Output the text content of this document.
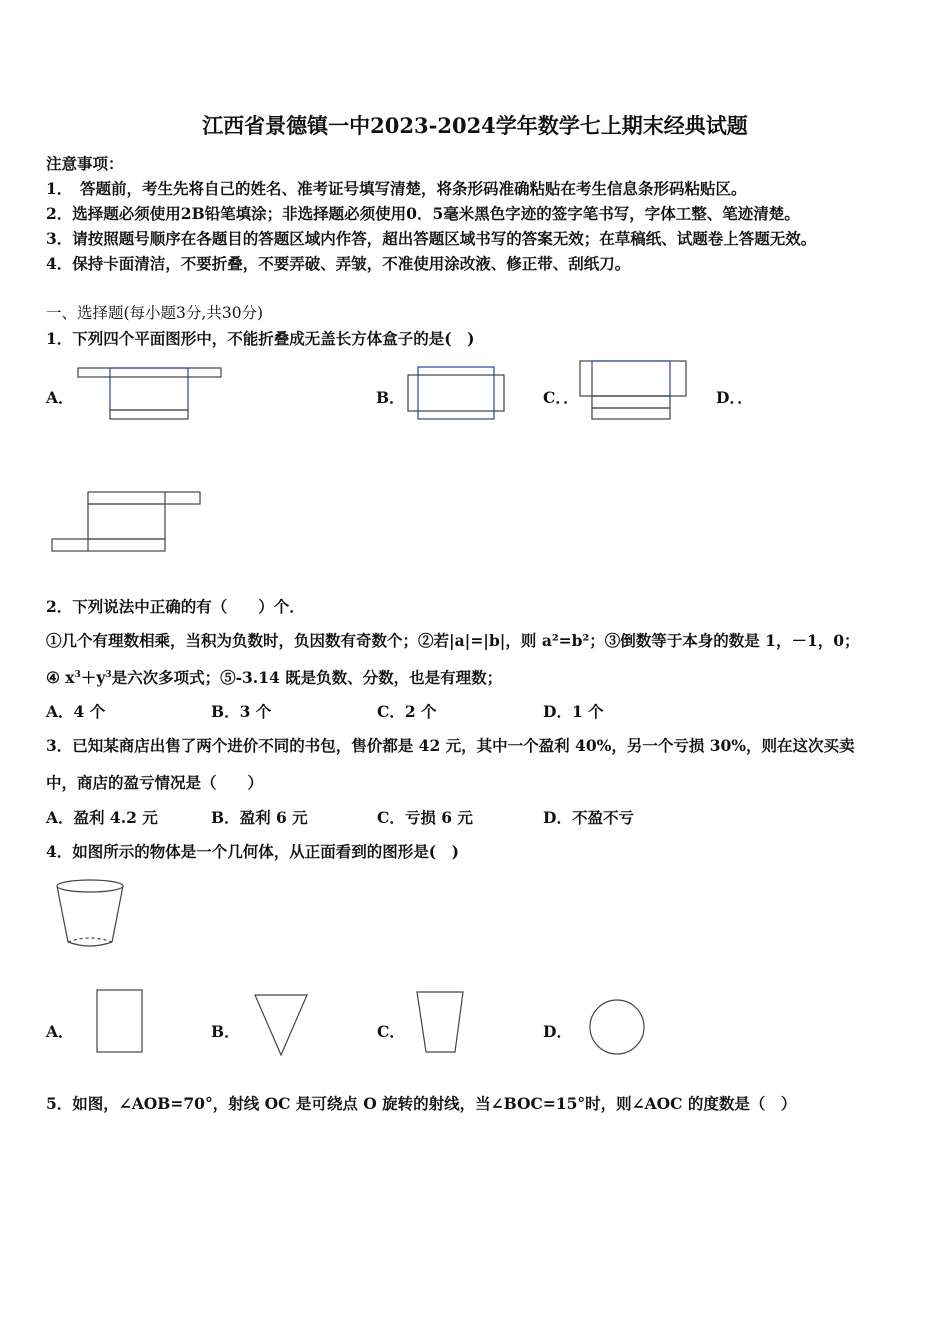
江西省景德镇一中2023-2024学年数学七上期末经典试题
注意事项：
1．　答题前，考生先将自己的姓名、准考证号填写清楚，将条形码准确粘贴在考生信息条形码粘贴区。
2．选择题必须使用2B铅笔填涂；非选择题必须使用0．5毫米黑色字迹的签字笔书写，字体工整、笔迹清楚。
3．请按照题号顺序在各题目的答题区域内作答，超出答题区域书写的答案无效；在草稿纸、试题卷上答题无效。
4．保持卡面清洁，不要折叠，不要弄破、弄皱，不准使用涂改液、修正带、刮纸刀。
一、选择题(每小题3分,共30分)
1．下列四个平面图形中，不能折叠成无盖长方体盒子的是(　)
A．	B．	C．．	D．．
2．下列说法中正确的有（　　）个．
①几个有理数相乘，当积为负数时，负因数有奇数个；②若|a|=|b|，则 a²=b²；③倒数等于本身的数是 1，－1，0；
④ $x^3+y^3$是六次多项式；⑤-3.14 既是负数、分数，也是有理数；
A．4 个	B．3 个	C．2 个	D．1 个
3．已知某商店出售了两个进价不同的书包，售价都是 42 元，其中一个盈利 40%，另一个亏损 30%，则在这次买卖
中，商店的盈亏情况是（　　）
A．盈利 4.2 元	B．盈利 6 元	C．亏损 6 元	D．不盈不亏
4．如图所示的物体是一个几何体，从正面看到的图形是(　)
A．	B．	C．	D．
5．如图，∠AOB=70°，射线 OC 是可绕点 O 旋转的射线，当∠BOC=15°时，则∠AOC 的度数是（　）
